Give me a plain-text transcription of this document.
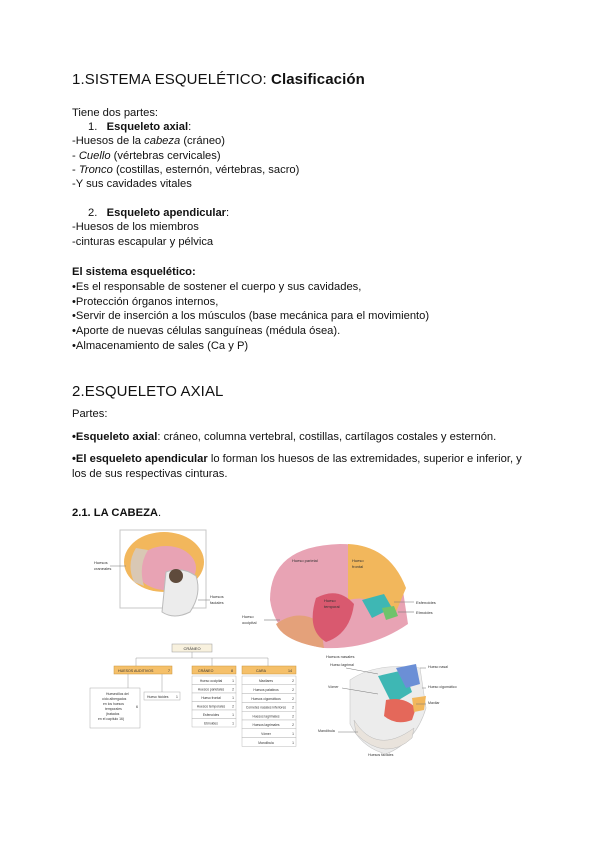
1.SISTEMA ESQUELÉTICO: Clasificación
Tiene dos partes:
1. Esqueleto axial:
-Huesos de la cabeza (cráneo)
- Cuello (vértebras cervicales)
- Tronco (costillas, esternón, vértebras, sacro)
-Y sus cavidades vitales
2. Esqueleto apendicular:
-Huesos de los miembros
-cinturas escapular y pélvica
El sistema esquelético:
•Es el responsable de sostener el cuerpo y sus cavidades,
•Protección órganos internos,
•Servir de inserción a los músculos (base mecánica para el movimiento)
•Aporte de nuevas células sanguíneas (médula ósea).
•Almacenamiento de sales (Ca y P)
2.ESQUELETO AXIAL
Partes:
•Esqueleto axial: cráneo, columna vertebral, costillas, cartílagos costales y esternón.
•El esqueleto apendicular lo forman los huesos de las extremidades, superior e inferior, y los de sus respectivas cinturas.
2.1. LA CABEZA.
Huesos
craneales
Huesos
faciales
Hueso parietal	Hueso
frontal
Hueso
temporal
Hueso
occipital
Esfenoides
Etmoides
Huesos nasales
CRÁNEO
HUESOS AUDITIVOS	7
Huesecillos del
oído albergados
en los huesos
temporales
(tratados
en el capítulo 16)
6
Hueso hioides 1
CRÁNEO	8
Hueso occipital	1
Huesos parietales 2
Hueso frontal	1
Huesos temporales 2
Esfenoides	1
Etmoides	1
CARA	14
Maxilares	2
Huesos palatinos	2
Huesos cigomáticos	2
Cornetes nasales inferiores 2
Huesos lagrimales	2
Huesos lagrimales	2
Vómer	1
Mandíbula	1
Hueso lagrimal	Hueso nasal
Vómer	Hueso cigomático
Maxilar
Mandíbula
Huesos faciales
